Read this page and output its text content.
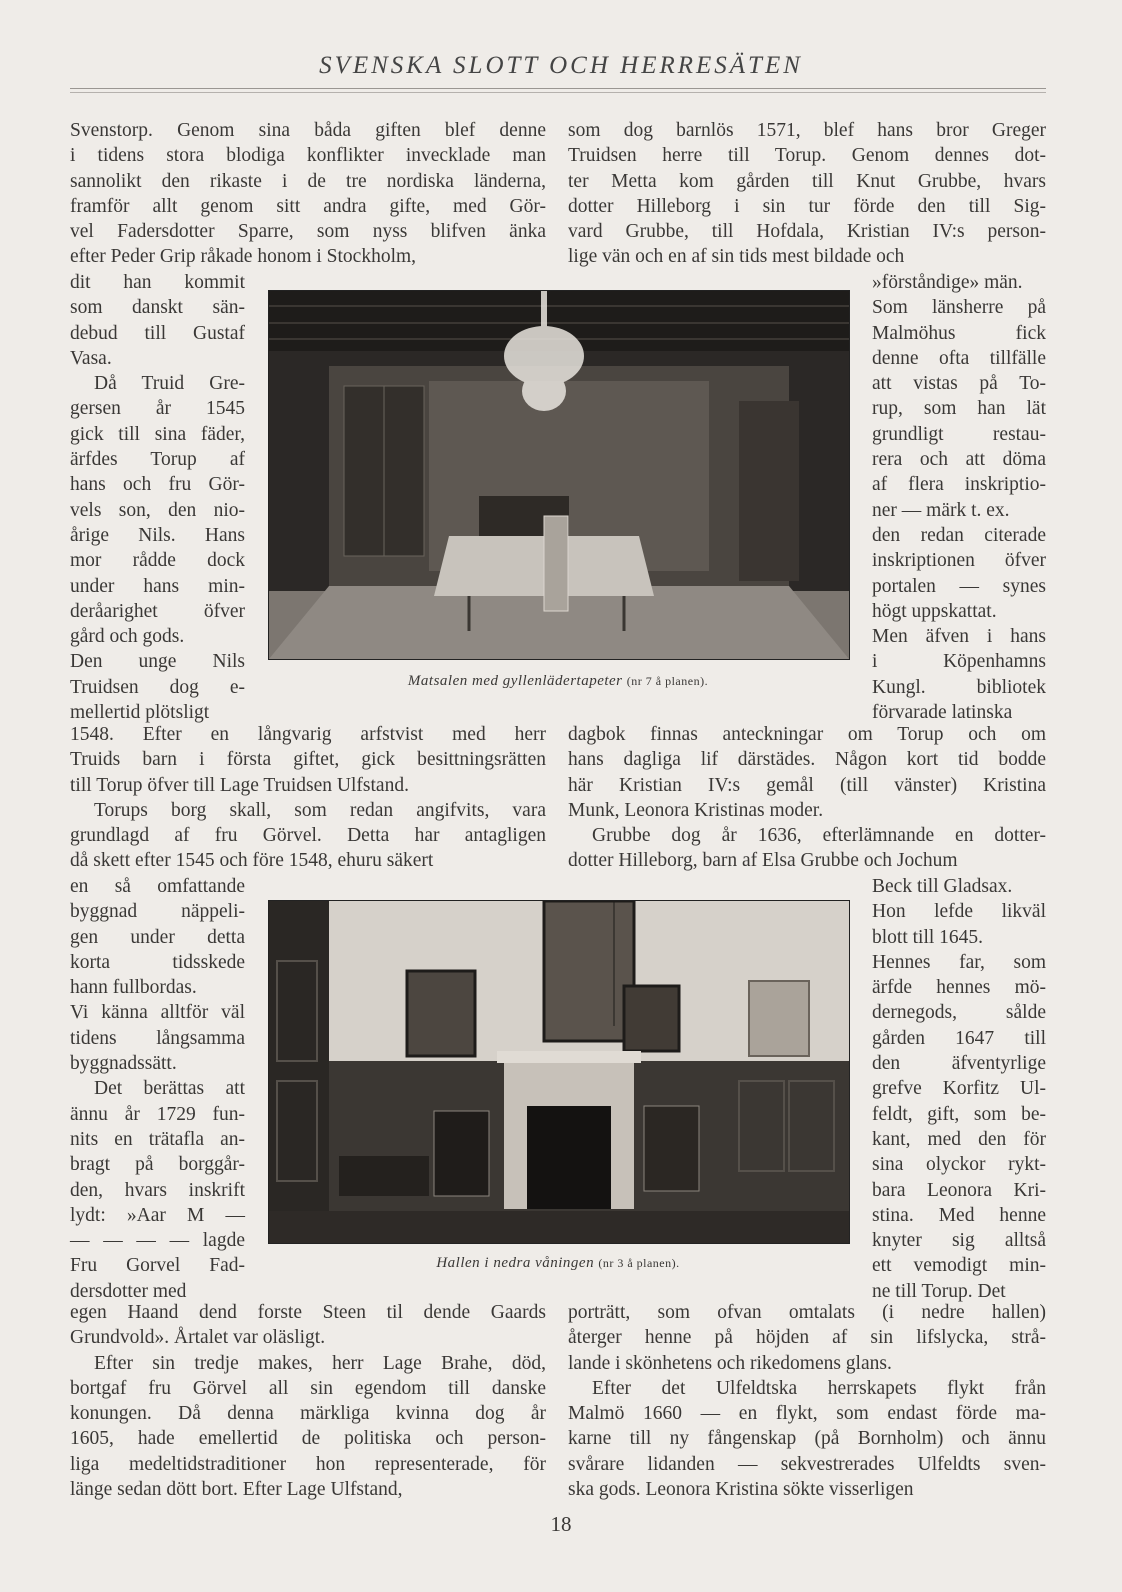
SVENSKA SLOTT OCH HERRESÄTEN

Svenstorp. Genom sina båda giften blef denne

i tidens stora blodiga konflikter invecklade man

sannolikt den rikaste i de tre nordiska länderna,

framför allt genom sitt andra gifte, med Gör-

vel Fadersdotter Sparre, som nyss blifven änka

efter Peder Grip råkade honom i Stockholm,

dit han kommit

som danskt sän-

debud till Gustaf

Vasa.

Då Truid Gre-

gersen år 1545

gick till sina fäder,

ärfdes Torup af

hans och fru Gör-

vels son, den nio-

årige Nils. Hans

mor rådde dock

under hans min-

deråarighet öfver

gård och gods.

Den unge Nils

Truidsen dog e-

mellertid plötsligt

1548. Efter en långvarig arfstvist med herr

Truids barn i första giftet, gick besittningsrätten

till Torup öfver till Lage Truidsen Ulfstand.

Torups borg skall, som redan angifvits, vara

grundlagd af fru Görvel. Detta har antagligen

då skett efter 1545 och före 1548, ehuru säkert

en så omfattande

byggnad näppeli-

gen under detta

korta tidsskede

hann fullbordas.

Vi känna alltför väl

tidens långsamma

byggnadssätt.

Det berättas att

ännu år 1729 fun-

nits en trätafla an-

bragt på borggår-

den, hvars inskrift

lydt: »Aar M —

— — — — lagde

Fru Gorvel Fad-

dersdotter med

egen Haand dend forste Steen til dende Gaards

Grundvold». Årtalet var oläsligt.

Efter sin tredje makes, herr Lage Brahe, död,

bortgaf fru Görvel all sin egendom till danske

konungen. Då denna märkliga kvinna dog år

1605, hade emellertid de politiska och person-

liga medeltidstraditioner hon representerade, för

länge sedan dött bort. Efter Lage Ulfstand,

som dog barnlös 1571, blef hans bror Greger

Truidsen herre till Torup. Genom dennes dot-

ter Metta kom gården till Knut Grubbe, hvars

dotter Hilleborg i sin tur förde den till Sig-

vard Grubbe, till Hofdala, Kristian IV:s person-

lige vän och en af sin tids mest bildade och

»förståndige» män.

Som länsherre på

Malmöhus fick

denne ofta tillfälle

att vistas på To-

rup, som han lät

grundligt restau-

rera och att döma

af flera inskriptio-

ner — märk t. ex.

den redan citerade

inskriptionen öfver

portalen — synes

högt uppskattat.

Men äfven i hans

i Köpenhamns

Kungl. bibliotek

förvarade latinska

dagbok finnas anteckningar om Torup och om

hans dagliga lif därstädes. Någon kort tid bodde

här Kristian IV:s gemål (till vänster) Kristina

Munk, Leonora Kristinas moder.

Grubbe dog år 1636, efterlämnande en dotter-

dotter Hilleborg, barn af Elsa Grubbe och Jochum

Beck till Gladsax.

Hon lefde likväl

blott till 1645.

Hennes far, som

ärfde hennes mö-

dernegods, sålde

gården 1647 till

den äfventyrlige

grefve Korfitz Ul-

feldt, gift, som be-

kant, med den för

sina olyckor rykt-

bara Leonora Kri-

stina. Med henne

knyter sig alltså

ett vemodigt min-

ne till Torup. Det

porträtt, som ofvan omtalats (i nedre hallen)

återger henne på höjden af sin lifslycka, strå-

lande i skönhetens och rikedomens glans.

Efter det Ulfeldtska herrskapets flykt från

Malmö 1660 — en flykt, som endast förde ma-

karne till ny fångenskap (på Bornholm) och ännu

svårare lidanden — sekvestrerades Ulfeldts sven-

ska gods. Leonora Kristina sökte visserligen

Matsalen med gyllenlädertapeter (nr 7 å planen).
Hallen i nedra våningen (nr 3 å planen).
18
